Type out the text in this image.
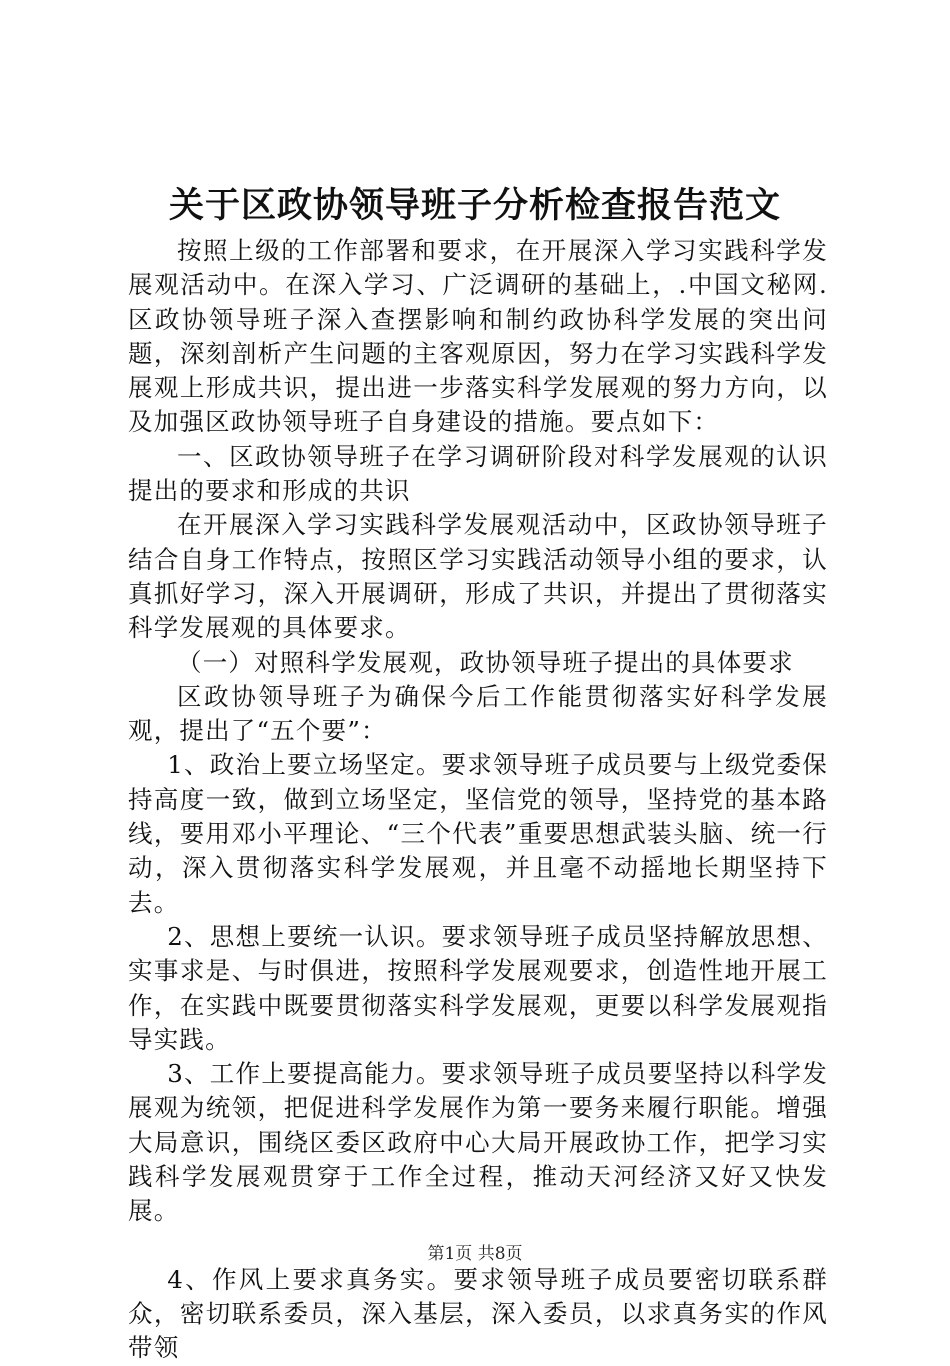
关于区政协领导班子分析检查报告范文

按照上级的工作部署和要求，在开展深入学习实践科学发展观活动中。在深入学习、广泛调研的基础上，.中国文秘网.区政协领导班子深入查摆影响和制约政协科学发展的突出问题，深刻剖析产生问题的主客观原因，努力在学习实践科学发展观上形成共识，提出进一步落实科学发展观的努力方向，以及加强区政协领导班子自身建设的措施。要点如下：

一、区政协领导班子在学习调研阶段对科学发展观的认识提出的要求和形成的共识

在开展深入学习实践科学发展观活动中，区政协领导班子结合自身工作特点，按照区学习实践活动领导小组的要求，认真抓好学习，深入开展调研，形成了共识，并提出了贯彻落实科学发展观的具体要求。

（一）对照科学发展观，政协领导班子提出的具体要求

区政协领导班子为确保今后工作能贯彻落实好科学发展观，提出了“五个要”：

1、政治上要立场坚定。要求领导班子成员要与上级党委保持高度一致，做到立场坚定，坚信党的领导，坚持党的基本路线，要用邓小平理论、“三个代表”重要思想武装头脑、统一行动，深入贯彻落实科学发展观，并且毫不动摇地长期坚持下去。

2、思想上要统一认识。要求领导班子成员坚持解放思想、实事求是、与时俱进，按照科学发展观要求，创造性地开展工作，在实践中既要贯彻落实科学发展观，更要以科学发展观指导实践。

3、工作上要提高能力。要求领导班子成员要坚持以科学发展观为统领，把促进科学发展作为第一要务来履行职能。增强大局意识，围绕区委区政府中心大局开展政协工作，把学习实践科学发展观贯穿于工作全过程，推动天河经济又好又快发展。

4、作风上要求真务实。要求领导班子成员要密切联系群众，密切联系委员，深入基层，深入委员，以求真务实的作风带领

第1页 共8页
